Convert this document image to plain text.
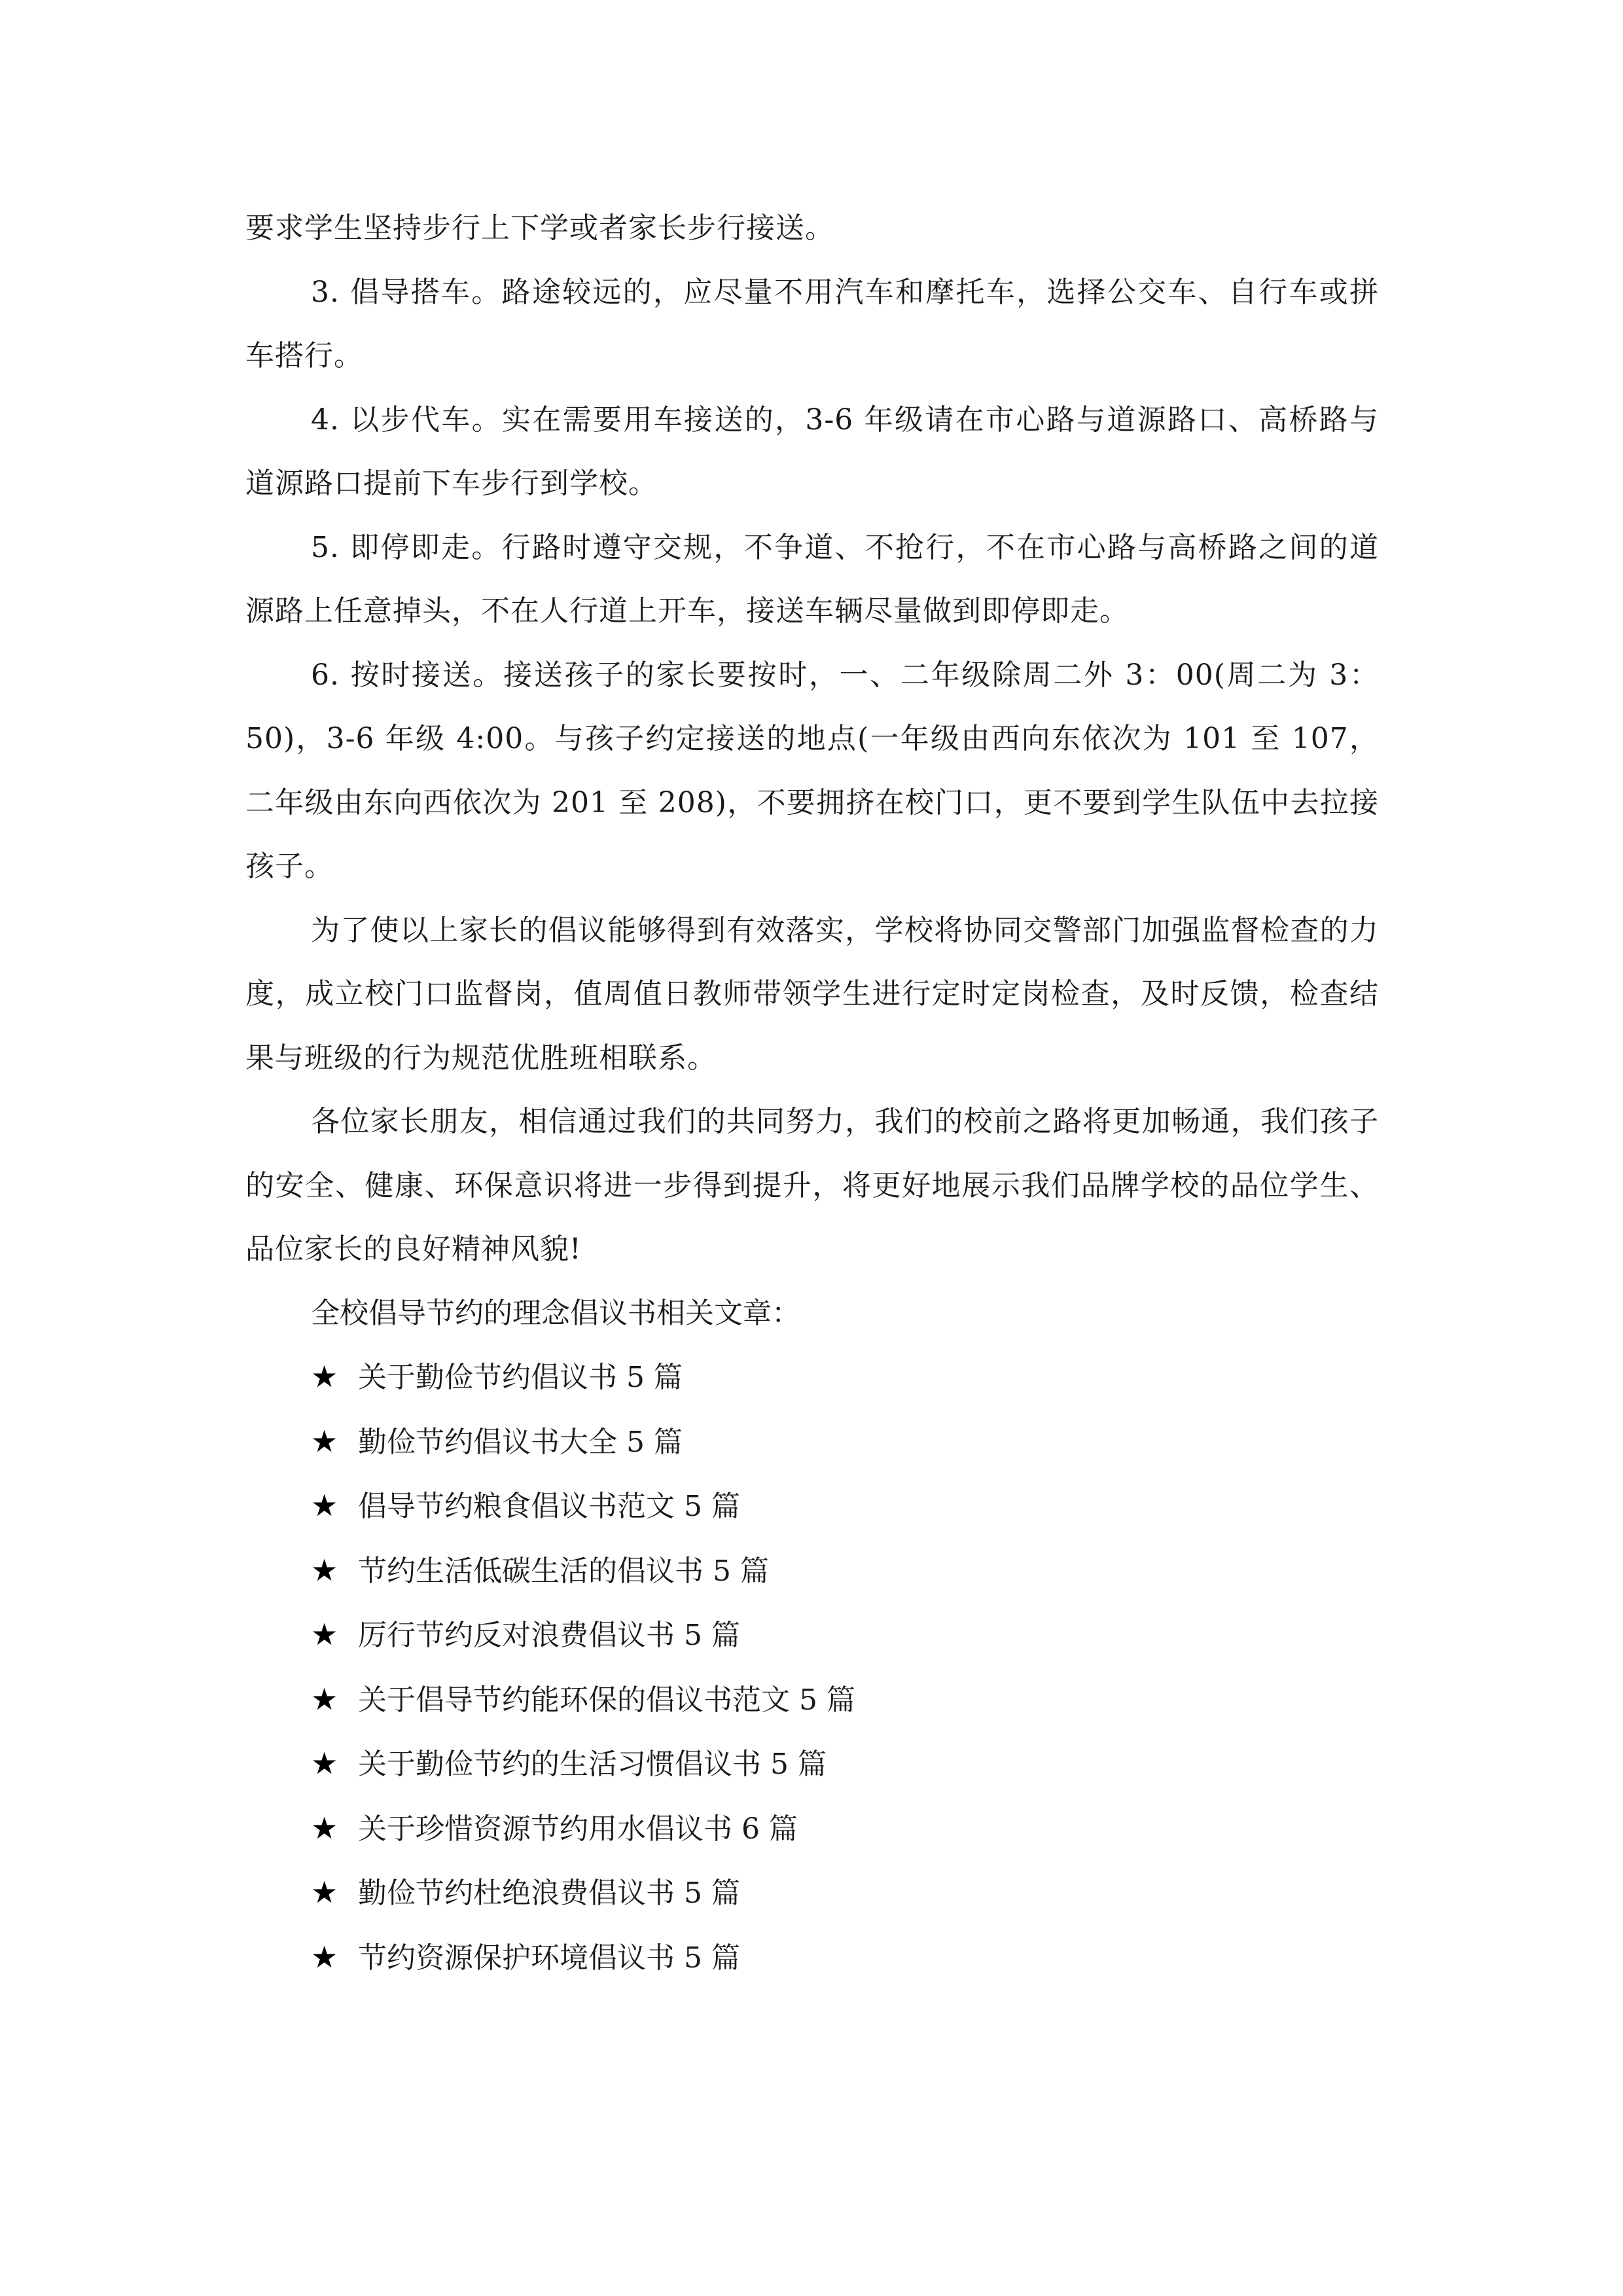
要求学生坚持步行上下学或者家长步行接送。

3. 倡导搭车。路途较远的，应尽量不用汽车和摩托车，选择公交车、自行车或拼车搭行。

4. 以步代车。实在需要用车接送的，3-6 年级请在市心路与道源路口、高桥路与道源路口提前下车步行到学校。

5. 即停即走。行路时遵守交规，不争道、不抢行，不在市心路与高桥路之间的道源路上任意掉头，不在人行道上开车，接送车辆尽量做到即停即走。

6. 按时接送。接送孩子的家长要按时，一、二年级除周二外 3：00(周二为 3：50)，3-6 年级 4:00。与孩子约定接送的地点(一年级由西向东依次为 101 至 107，二年级由东向西依次为 201 至 208)，不要拥挤在校门口，更不要到学生队伍中去拉接孩子。

为了使以上家长的倡议能够得到有效落实，学校将协同交警部门加强监督检查的力度，成立校门口监督岗，值周值日教师带领学生进行定时定岗检查，及时反馈，检查结果与班级的行为规范优胜班相联系。

各位家长朋友，相信通过我们的共同努力，我们的校前之路将更加畅通，我们孩子的安全、健康、环保意识将进一步得到提升，将更好地展示我们品牌学校的品位学生、品位家长的良好精神风貌!

全校倡导节约的理念倡议书相关文章：

★ 关于勤俭节约倡议书 5 篇
★ 勤俭节约倡议书大全 5 篇
★ 倡导节约粮食倡议书范文 5 篇
★ 节约生活低碳生活的倡议书 5 篇
★ 厉行节约反对浪费倡议书 5 篇
★ 关于倡导节约能环保的倡议书范文 5 篇
★ 关于勤俭节约的生活习惯倡议书 5 篇
★ 关于珍惜资源节约用水倡议书 6 篇
★ 勤俭节约杜绝浪费倡议书 5 篇
★ 节约资源保护环境倡议书 5 篇
